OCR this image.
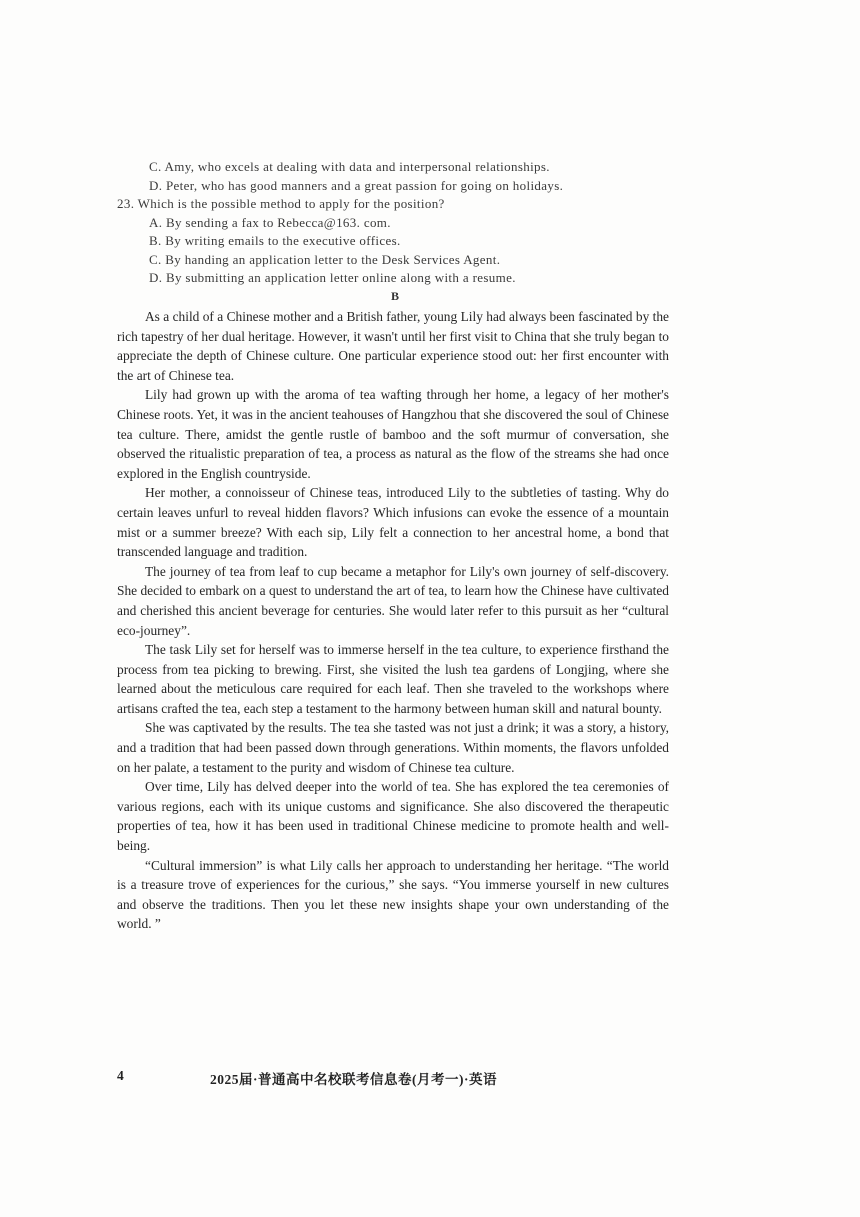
C. Amy, who excels at dealing with data and interpersonal relationships.
D. Peter, who has good manners and a great passion for going on holidays.
23. Which is the possible method to apply for the position?
A. By sending a fax to Rebecca@163. com.
B. By writing emails to the executive offices.
C. By handing an application letter to the Desk Services Agent.
D. By submitting an application letter online along with a resume.
B

As a child of a Chinese mother and a British father, young Lily had always been fascinated by the rich tapestry of her dual heritage. However, it wasn't until her first visit to China that she truly began to appreciate the depth of Chinese culture. One particular experience stood out: her first encounter with the art of Chinese tea.

Lily had grown up with the aroma of tea wafting through her home, a legacy of her mother's Chinese roots. Yet, it was in the ancient teahouses of Hangzhou that she discovered the soul of Chinese tea culture. There, amidst the gentle rustle of bamboo and the soft murmur of conversation, she observed the ritualistic preparation of tea, a process as natural as the flow of the streams she had once explored in the English countryside.

Her mother, a connoisseur of Chinese teas, introduced Lily to the subtleties of tasting. Why do certain leaves unfurl to reveal hidden flavors? Which infusions can evoke the essence of a mountain mist or a summer breeze? With each sip, Lily felt a connection to her ancestral home, a bond that transcended language and tradition.

The journey of tea from leaf to cup became a metaphor for Lily's own journey of self-discovery. She decided to embark on a quest to understand the art of tea, to learn how the Chinese have cultivated and cherished this ancient beverage for centuries. She would later refer to this pursuit as her “cultural eco-journey”.

The task Lily set for herself was to immerse herself in the tea culture, to experience firsthand the process from tea picking to brewing. First, she visited the lush tea gardens of Longjing, where she learned about the meticulous care required for each leaf. Then she traveled to the workshops where artisans crafted the tea, each step a testament to the harmony between human skill and natural bounty.

She was captivated by the results. The tea she tasted was not just a drink; it was a story, a history, and a tradition that had been passed down through generations. Within moments, the flavors unfolded on her palate, a testament to the purity and wisdom of Chinese tea culture.

Over time, Lily has delved deeper into the world of tea. She has explored the tea ceremonies of various regions, each with its unique customs and significance. She also discovered the therapeutic properties of tea, how it has been used in traditional Chinese medicine to promote health and well-being.

“Cultural immersion” is what Lily calls her approach to understanding her heritage. “The world is a treasure trove of experiences for the curious,” she says. “You immerse yourself in new cultures and observe the traditions. Then you let these new insights shape your own understanding of the world. ”

4	2025届·普通高中名校联考信息卷(月考一)·英语
